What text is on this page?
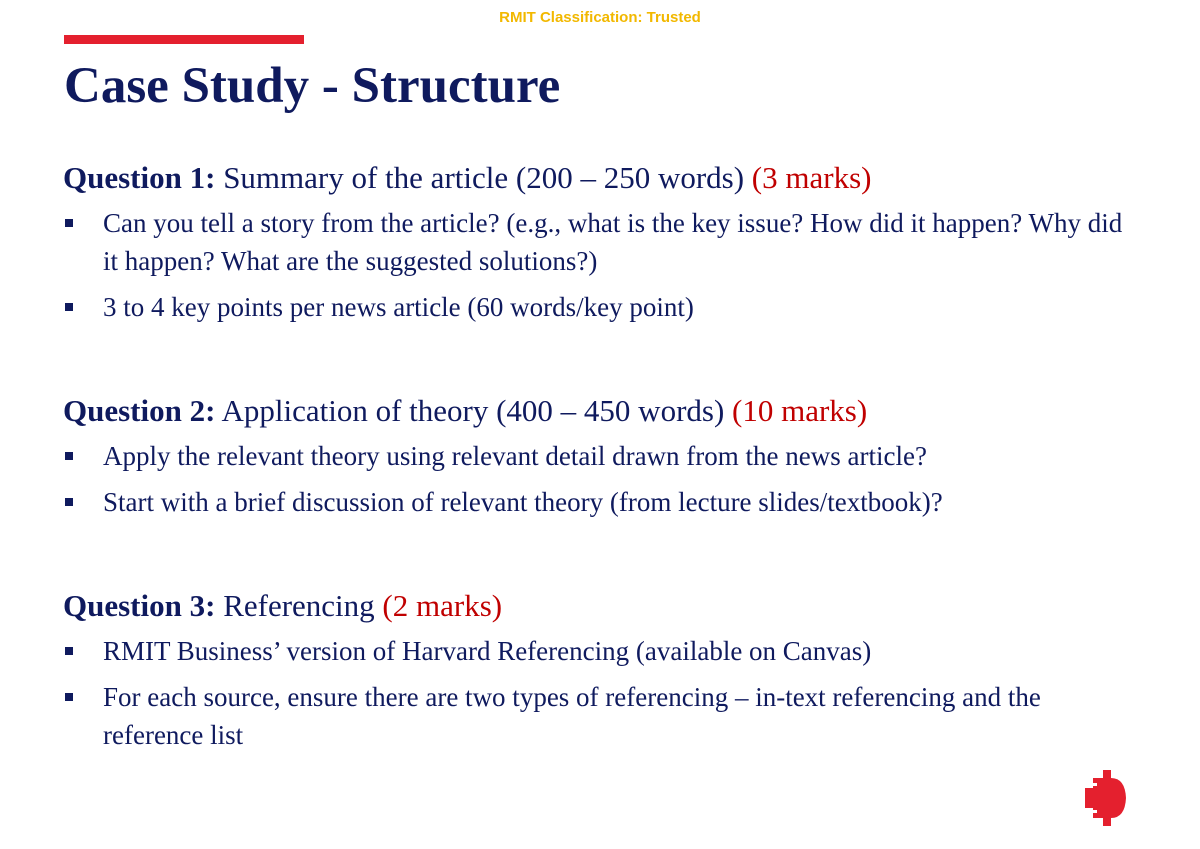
RMIT Classification: Trusted
Case Study - Structure
Question 1: Summary of the article (200 – 250 words) (3 marks)
Can you tell a story from the article? (e.g., what is the key issue? How did it happen? Why did it happen? What are the suggested solutions?)
3 to 4 key points per news article (60 words/key point)
Question 2: Application of theory (400 – 450 words) (10 marks)
Apply the relevant theory using relevant detail drawn from the news article?
Start with a brief discussion of relevant theory (from lecture slides/textbook)?
Question 3: Referencing (2 marks)
RMIT Business’ version of Harvard Referencing (available on Canvas)
For each source, ensure there are two types of referencing – in-text referencing and the reference list
